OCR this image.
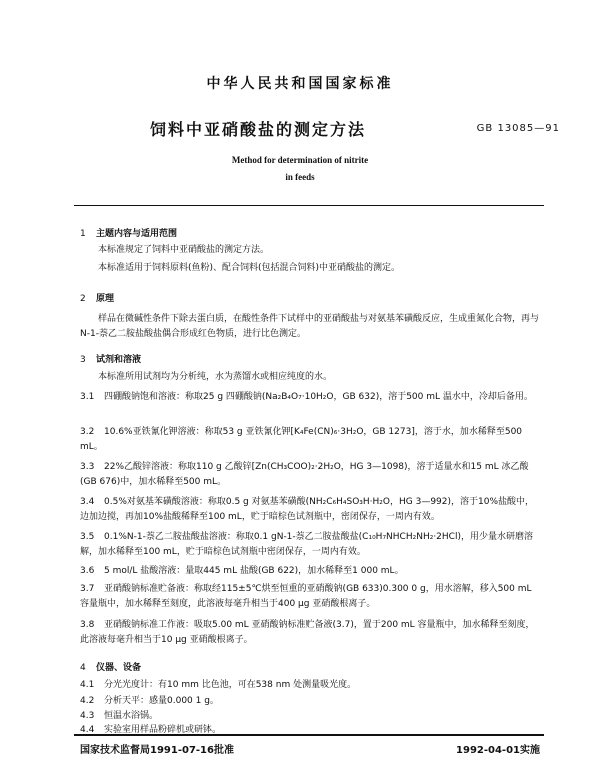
中华人民共和国国家标准
饲料中亚硝酸盐的测定方法	GB 13085—91
Method for determination of nitrite
in feeds
1 主题内容与适用范围
本标准规定了饲料中亚硝酸盐的测定方法。
本标准适用于饲料原料(鱼粉)、配合饲料(包括混合饲料)中亚硝酸盐的测定。
2 原理
样品在微碱性条件下除去蛋白质，在酸性条件下试样中的亚硝酸盐与对氨基苯磺酸反应，生成重氮化合物，再与N-1-萘乙二胺盐酸盐偶合形成红色物质，进行比色测定。
3 试剂和溶液
本标准所用试剂均为分析纯，水为蒸馏水或相应纯度的水。
3.1 四硼酸钠饱和溶液：称取25 g 四硼酸钠(Na₂B₄O₇·10H₂O，GB 632)，溶于500 mL 温水中，冷却后备用。
3.2 10.6%亚铁氰化钾溶液：称取53 g 亚铁氰化钾[K₄Fe(CN)₆·3H₂O，GB 1273]，溶于水，加水稀释至500 mL。
3.3 22%乙酸锌溶液：称取110 g 乙酸锌[Zn(CH₃COO)₂·2H₂O，HG 3—1098)，溶于适量水和15 mL 冰乙酸(GB 676)中，加水稀释至500 mL。
3.4 0.5%对氨基苯磺酸溶液：称取0.5 g 对氨基苯磺酸(NH₂C₆H₄SO₃H·H₂O，HG 3—992)，溶于10%盐酸中，边加边搅，再加10%盐酸稀释至100 mL，贮于暗棕色试剂瓶中，密闭保存，一周内有效。
3.5 0.1%N-1-萘乙二胺盐酸盐溶液：称取0.1 gN-1-萘乙二胺盐酸盐(C₁₀H₇NHCH₂NH₂·2HCl)，用少量水研磨溶解，加水稀释至100 mL，贮于暗棕色试剂瓶中密闭保存，一周内有效。
3.6 5 mol/L 盐酸溶液：量取445 mL 盐酸(GB 622)，加水稀释至1 000 mL。
3.7 亚硝酸钠标准贮备液：称取经115±5℃烘至恒重的亚硝酸钠(GB 633)0.300 0 g，用水溶解，移入500 mL 容量瓶中，加水稀释至刻度，此溶液每毫升相当于400 μg 亚硝酸根离子。
3.8 亚硝酸钠标准工作液：吸取5.00 mL 亚硝酸钠标准贮备液(3.7)，置于200 mL 容量瓶中，加水稀释至刻度，此溶液每毫升相当于10 μg 亚硝酸根离子。
4 仪器、设备
4.1 分光光度计：有10 mm 比色池，可在538 nm 处测量吸光度。
4.2 分析天平：感量0.000 1 g。
4.3 恒温水浴锅。
4.4 实验室用样品粉碎机或研钵。
国家技术监督局1991-07-16批准	1992-04-01实施
